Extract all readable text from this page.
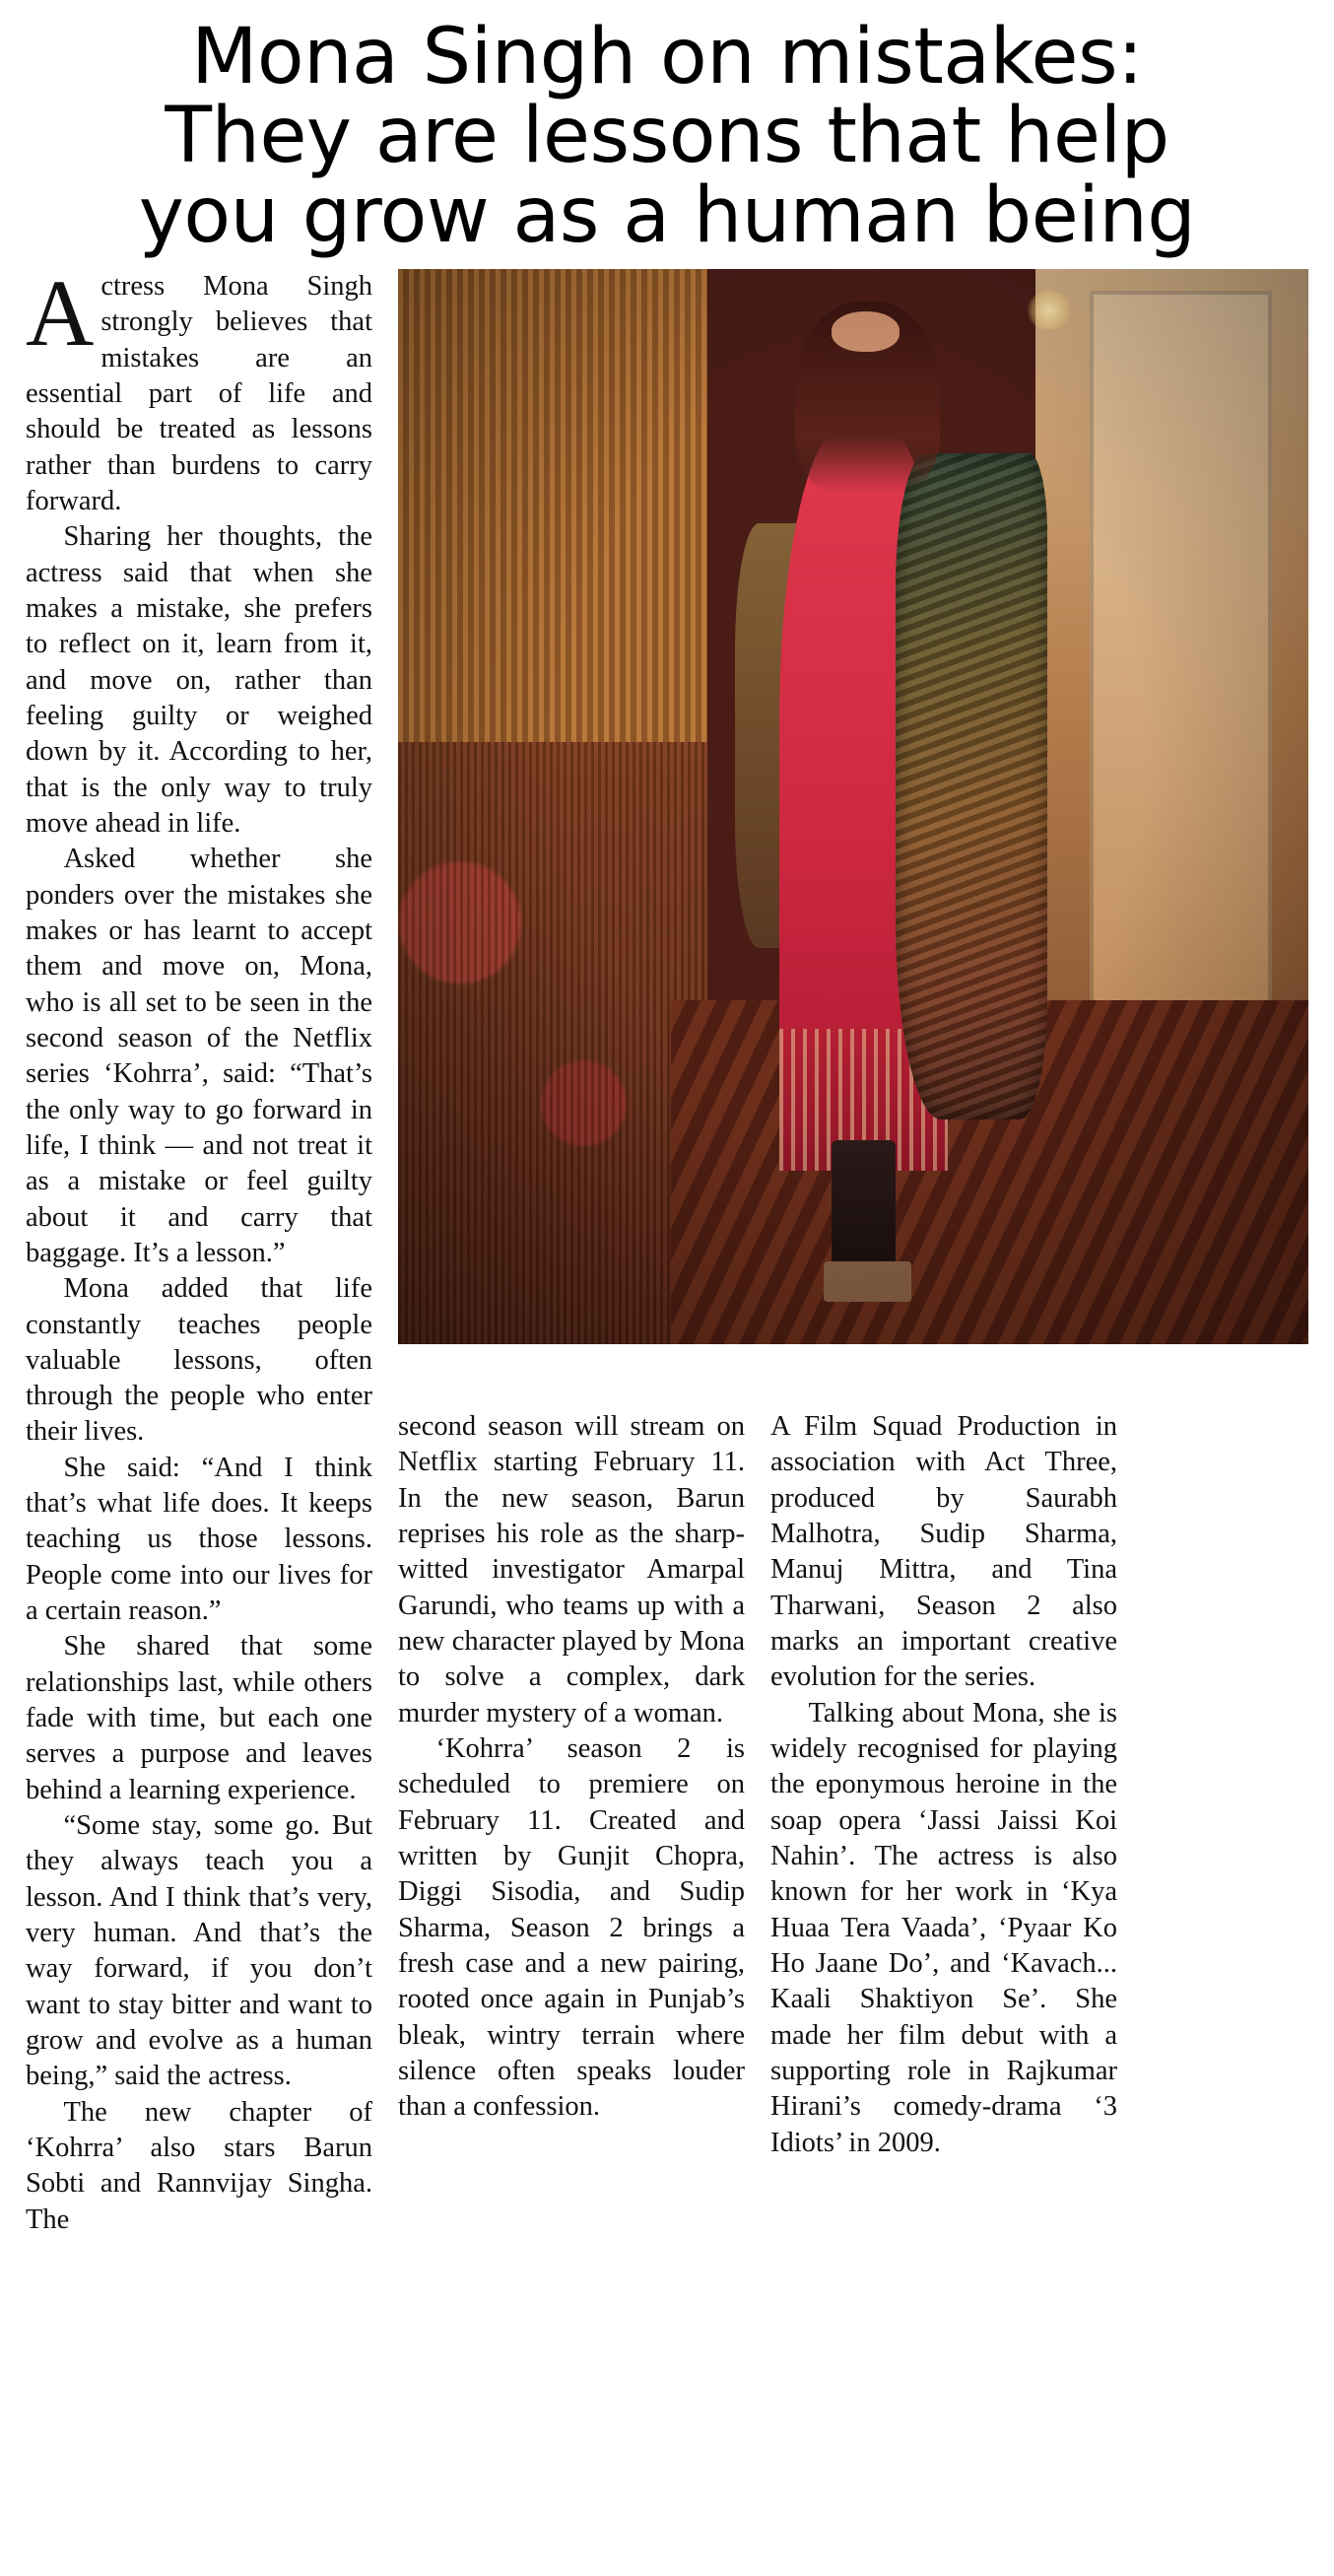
Mona Singh on mistakes:
They are lessons that help
you grow as a human being

Actress Mona Singh strongly believes that mistakes are an essential part of life and should be treated as lessons rather than burdens to carry forward.

Sharing her thoughts, the actress said that when she makes a mistake, she prefers to reflect on it, learn from it, and move on, rather than feeling guilty or weighed down by it. According to her, that is the only way to truly move ahead in life.

Asked whether she ponders over the mistakes she makes or has learnt to accept them and move on, Mona, who is all set to be seen in the second season of the Netflix series ‘Kohrra’, said: “That’s the only way to go forward in life, I think — and not treat it as a mistake or feel guilty about it and carry that baggage. It’s a lesson.”

Mona added that life constantly teaches people valuable lessons, often through the people who enter their lives.

She said: “And I think that’s what life does. It keeps teaching us those lessons. People come into our lives for a certain reason.”

She shared that some relationships last, while others fade with time, but each one serves a purpose and leaves behind a learning experience.

“Some stay, some go. But they always teach you a lesson. And I think that’s very, very human. And that’s the way forward, if you don’t want to stay bitter and want to grow and evolve as a human being,” said the actress.

The new chapter of ‘Kohrra’ also stars Barun Sobti and Rannvijay Singha. The

second season will stream on Netflix starting February 11. In the new season, Barun reprises his role as the sharp-witted investigator Amarpal Garundi, who teams up with a new character played by Mona to solve a complex, dark murder mystery of a woman.

‘Kohrra’ season 2 is scheduled to premiere on February 11. Created and written by Gunjit Chopra, Diggi Sisodia, and Sudip Sharma, Season 2 brings a fresh case and a new pairing, rooted once again in Punjab’s bleak, wintry terrain where silence often speaks louder than a confession.

A Film Squad Production in association with Act Three, produced by Saurabh Malhotra, Sudip Sharma, Manuj Mittra, and Tina Tharwani, Season 2 also marks an important creative evolution for the series.

Talking about Mona, she is widely recognised for playing the eponymous heroine in the soap opera ‘Jassi Jaissi Koi Nahin’. The actress is also known for her work in ‘Kya Huaa Tera Vaada’, ‘Pyaar Ko Ho Jaane Do’, and ‘Kavach... Kaali Shaktiyon Se’. She made her film debut with a supporting role in Rajkumar Hirani’s comedy-drama ‘3 Idiots’ in 2009.
